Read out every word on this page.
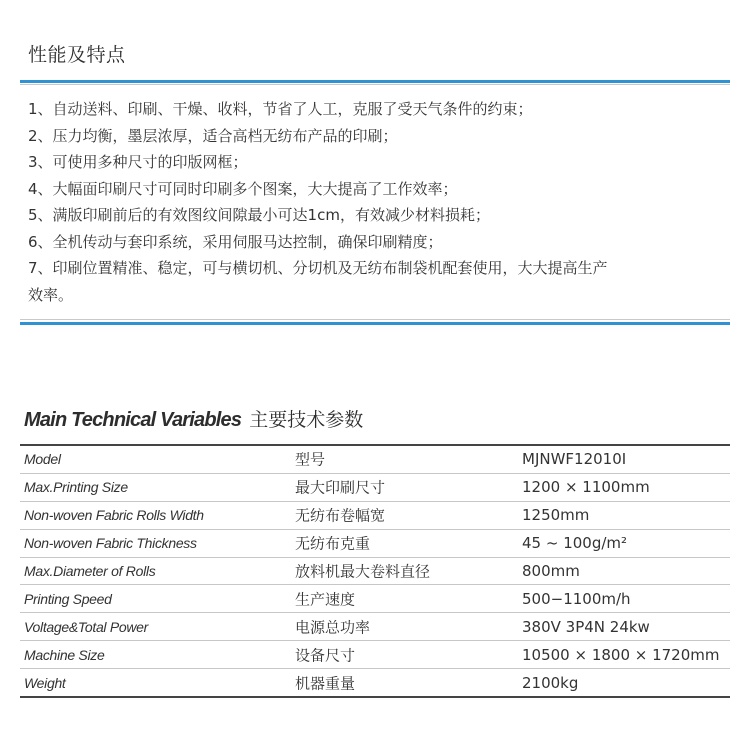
性能及特点
1、自动送料、印刷、干燥、收料，节省了人工，克服了受天气条件的约束；
2、压力均衡，墨层浓厚，适合高档无纺布产品的印刷；
3、可使用多种尺寸的印版网框；
4、大幅面印刷尺寸可同时印刷多个图案，大大提高了工作效率；
5、满版印刷前后的有效图纹间隙最小可达1cm，有效减少材料损耗；
6、全机传动与套印系统，采用伺服马达控制，确保印刷精度；
7、印刷位置精准、稳定，可与横切机、分切机及无纺布制袋机配套使用，大大提高生产
效率。
Main Technical Variables 主要技术参数
Model	型号	MJNWF12010I
Max.Printing Size	最大印刷尺寸	1200 × 1100mm
Non-woven Fabric Rolls Width	无纺布卷幅宽	1250mm
Non-woven Fabric Thickness	无纺布克重	45 ~ 100g/m²
Max.Diameter of Rolls	放料机最大卷料直径	800mm
Printing Speed	生产速度	500−1100m/h
Voltage&Total Power	电源总功率	380V 3P4N 24kw
Machine Size	设备尺寸	10500 × 1800 × 1720mm
Weight	机器重量	2100kg
